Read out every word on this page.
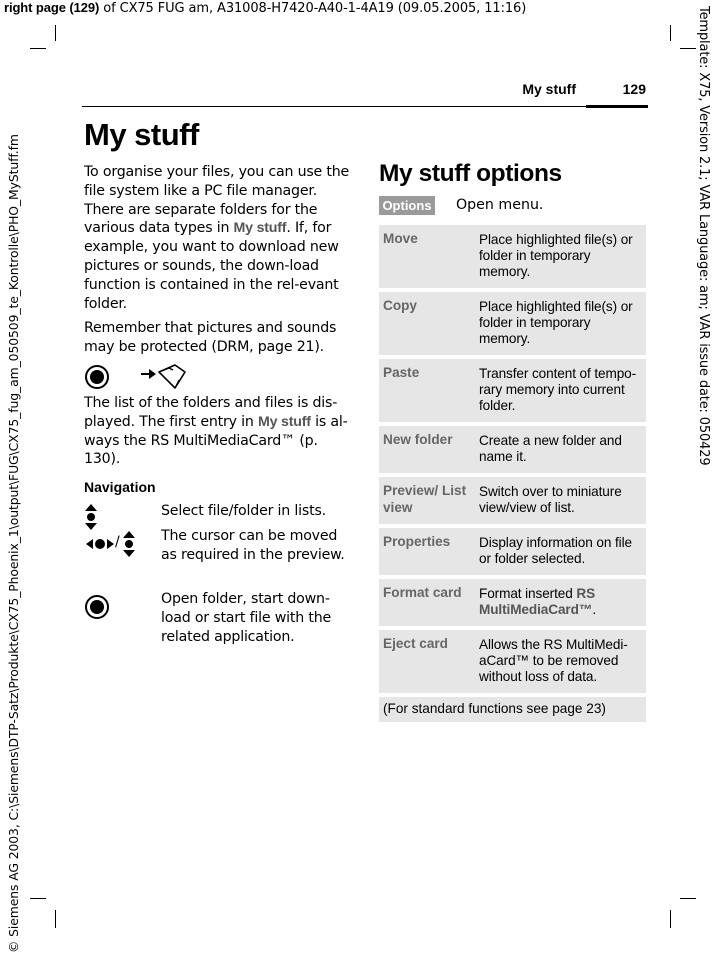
right page (129) of CX75 FUG am, A31008-H7420-A40-1-4A19 (09.05.2005, 11:16)	Template: X75, Version 2.1; VAR Language: am; VAR issue date: 050429
© Siemens AG 2003, C:\Siemens\DTP-Satz\Produkte\CX75_Phoenix_1\output\FUG\CX75_fug_am_050509_te_Kontrolle\PHO_MyStuff.fm
My stuff	129
My stuff
To organise your files, you can use the file system like a PC file manager. There are separate folders for the various data types in My stuff. If, for example, you want to download new pictures or sounds, the down-load function is contained in the rel-evant folder.
Remember that pictures and sounds may be protected (DRM, page 21).
The list of the folders and files is dis-played. The first entry in My stuff is al-ways the RS MultiMediaCard™ (p. 130).
Navigation
Select file/folder in lists.
/	The cursor can be moved as required in the preview.
Open folder, start down-load or start file with the related application.
My stuff options
Options Open menu.
Move	Place highlighted file(s) or folder in temporary memory.
Copy	Place highlighted file(s) or folder in temporary memory.
Paste	Transfer content of tempo-rary memory into current folder.
New folder	Create a new folder and name it.
Preview/ List view	Switch over to miniature view/view of list.
Properties	Display information on file or folder selected.
Format card	Format inserted RS MultiMediaCard™.
Eject card	Allows the RS MultiMedi-aCard™ to be removed without loss of data.
(For standard functions see page 23)	
